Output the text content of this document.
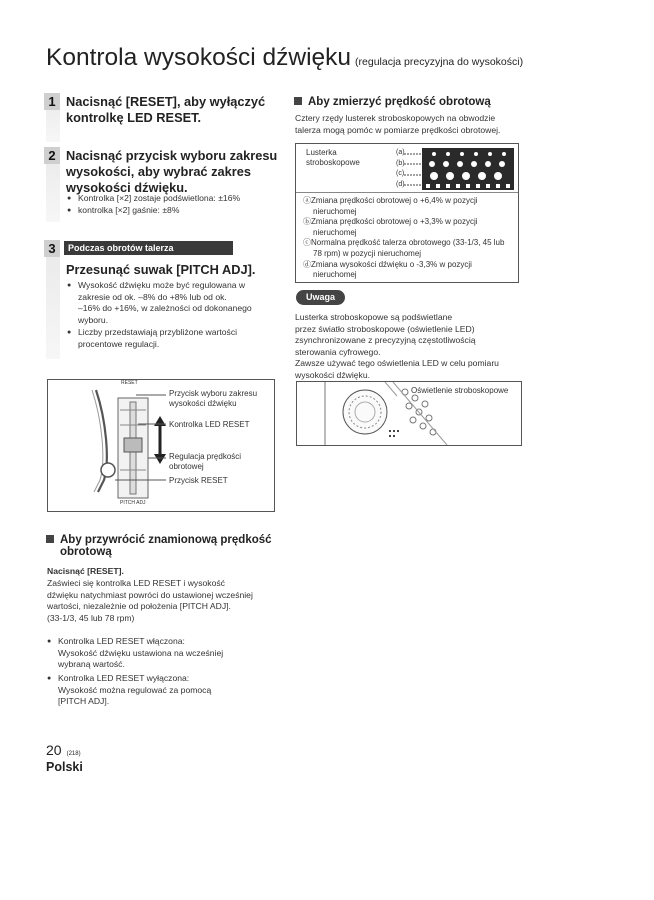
Kontrola wysokości dźwięku (regulacja precyzyjna do wysokości)
1 Nacisnąć [RESET], aby wyłączyć
kontrolkę LED RESET.
2 Nacisnąć przycisk wyboru zakresu
wysokości, aby wybrać zakres
wysokości dźwięku.
● Kontrolka [×2] zostaje podświetlona: ±16%
● kontrolka [×2] gaśnie: ±8%
3	Podczas obrotów talerza
Przesunąć suwak [PITCH ADJ].
● Wysokość dźwięku może być regulowana w
zakresie od ok. –8% do +8% lub od ok.
–16% do +16%, w zależności od dokonanego
wyboru.
● Liczby przedstawiają przybliżone wartości
procentowe regulacji.
RESET
PITCH ADJ
Przycisk wyboru zakresu
wysokości dźwięku
Kontrolka LED RESET
Regulacja prędkości
obrotowej
Przycisk RESET
Aby przywrócić znamionową prędkość
obrotową
Nacisnąć [RESET].
Zaświeci się kontrolka LED RESET i wysokość
dźwięku natychmiast powróci do ustawionej wcześniej
wartości, niezależnie od położenia [PITCH ADJ].
(33-1/3, 45 lub 78 rpm)
● Kontrolka LED RESET włączona:
Wysokość dźwięku ustawiona na wcześniej
wybraną wartość.
● Kontrolka LED RESET wyłączona:
Wysokość można regulować za pomocą
[PITCH ADJ].
Aby zmierzyć prędkość obrotową
Cztery rzędy lusterek stroboskopowych na obwodzie
talerza mogą pomóc w pomiarze prędkości obrotowej.
Lusterka
stroboskopowe
(a)
(b)
(c)
(d)
ⓐZmiana prędkości obrotowej o +6,4% w pozycji
nieruchomej
ⓑZmiana prędkości obrotowej o +3,3% w pozycji
nieruchomej
ⓒNormalna prędkość talerza obrotowego (33-1/3, 45 lub
78 rpm) w pozycji nieruchomej
ⓓZmiana wysokości dźwięku o -3,3% w pozycji
nieruchomej
Uwaga
Lusterka stroboskopowe są podświetlane
przez światło stroboskopowe (oświetlenie LED)
zsynchronizowane z precyzyjną częstotliwością
sterowania cyfrowego.
Zawsze używać tego oświetlenia LED w celu pomiaru
wysokości dźwięku.
Oświetlenie stroboskopowe
20 (218)
Polski
